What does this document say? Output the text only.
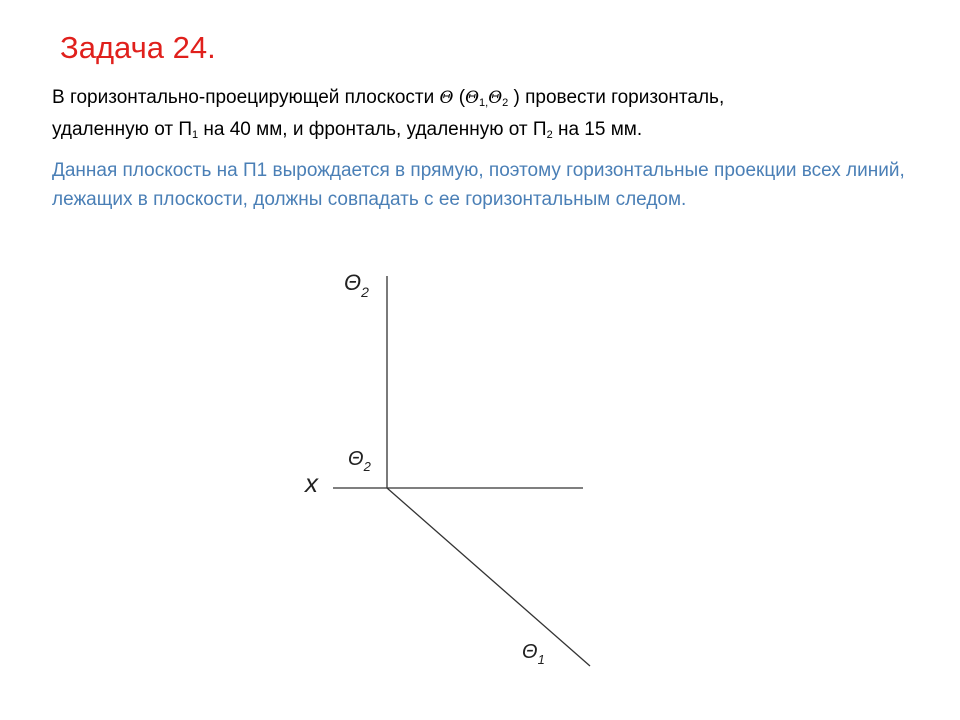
Задача 24.
В горизонтально-проецирующей плоскости Θ ($\Theta_{1,}\Theta_2$ ) провести горизонталь,
удаленную от $П_1$ на 40 мм, и фронталь, удаленную от $П_2$ на 15 мм.
Данная плоскость на П1 вырождается в прямую, поэтому горизонтальные проекции всех линий, лежащих в плоскости, должны совпадать с ее горизонтальным следом.
x
$\Theta_2$
$\Theta_2$
$\Theta_1$
